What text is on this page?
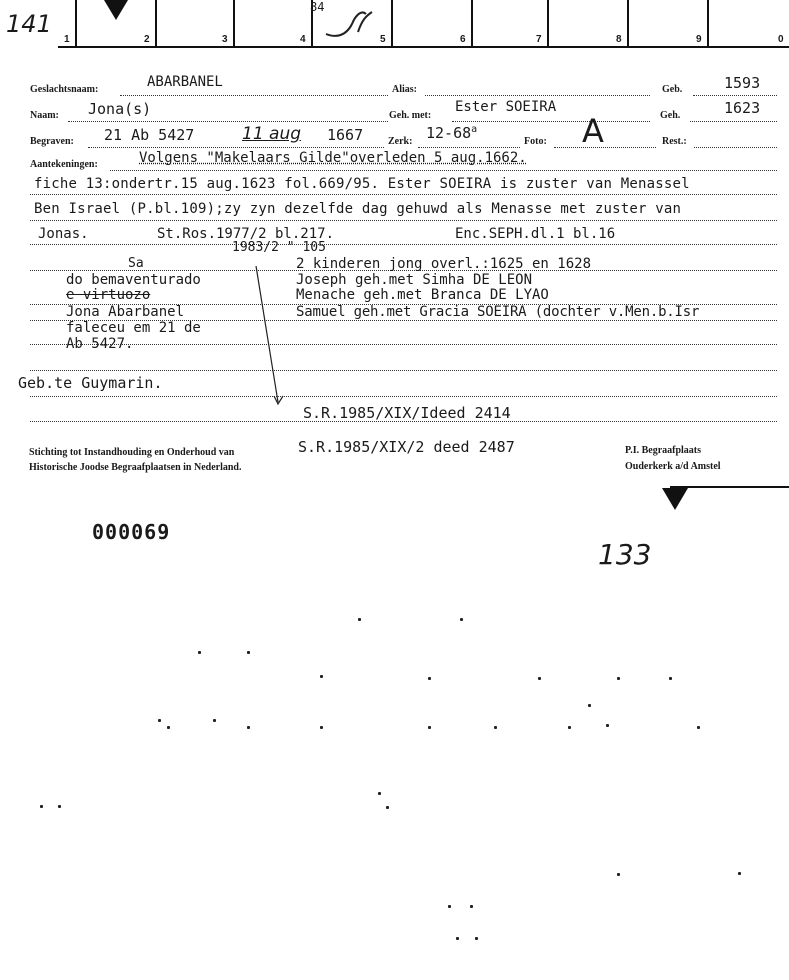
141
1	2	3	4	5	6	7	8	9	0
84
Geslachtsnaam:	ABARBANEL	Alias:	Geb.	1593
Naam: Jona(s)	Geh. met:
Ester SOEIRA
Geh.	1623
Begraven: 21 Ab 5427	11 aug 1667 Zerk: 12-68$^a$
Foto: A	Rest.:
Aantekeningen:	Volgens "Makelaars Gilde"overleden 5 aug.1662.
fiche 13:ondertr.15 aug.1623 fol.669/95. Ester SOEIRA is zuster van Menassel
Ben Israel (P.bl.109);zy zyn dezelfde dag gehuwd als Menasse met zuster van
Jonas.	St.Ros.1977/2 bl.217.
1983/2 " 105
Enc.SEPH.dl.1 bl.16
Sa	2 kinderen jong overl.:1625 en 1628
do bemaventurado	Joseph geh.met Simha DE LEON
e virtuozo	Menache geh.met Branca DE LYAO
Jona Abarbanel	Samuel geh.met Gracia SOEIRA (dochter v.Men.b.Isr
faleceu em 21 de
Ab 5427.
Geb.te Guymarin.
S.R.1985/XIX/Ideed 2414
Stichting tot Instandhouding en Onderhoud van
Historische Joodse Begraafplaatsen in Nederland.
S.R.1985/XIX/2 deed 2487	P.I. Begraafplaats
Ouderkerk a/d Amstel
000069
133
